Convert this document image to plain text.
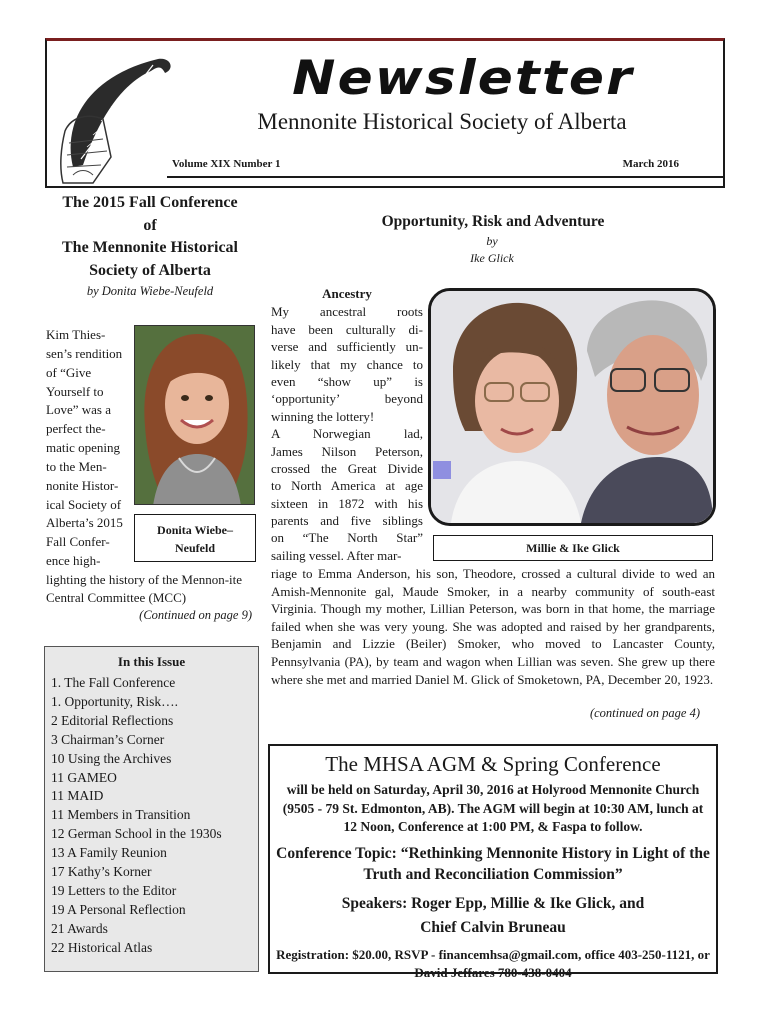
Newsletter
Mennonite Historical Society of Alberta
Volume XIX Number 1	March 2016
The 2015 Fall Conference
of
The Mennonite Historical
Society of Alberta
by Donita Wiebe-Neufeld
Donita Wiebe–
Neufeld
Kim Thies-
sen’s rendition
of “Give
Yourself to
Love” was a
perfect the-
matic opening
to the Men-
nonite Histor-
ical Society of
Alberta’s 2015
Fall Confer-
ence high-
lighting the history of the Mennon-ite Central Committee (MCC)
(Continued on page 9)
In this Issue
1. The Fall Conference
1. Opportunity, Risk….
2 Editorial Reflections
3 Chairman’s Corner
10 Using the Archives
11 GAMEO
11 MAID
11 Members in Transition
12 German School in the 1930s
13 A Family Reunion
17 Kathy’s Korner
19 Letters to the Editor
19 A Personal Reflection
21 Awards
22 Historical Atlas
Opportunity, Risk and Adventure
by
Ike Glick
Ancestry
My ancestral roots
have been culturally di-
verse and sufficiently un-
likely that my chance to
even “show up” is
‘opportunity’ beyond
winning the lottery!
A Norwegian lad,
James Nilson Peterson,
crossed the Great Divide
to North America at age
sixteen in 1872 with his
parents and five siblings
on “The North Star”
sailing vessel. After mar-
riage to Emma Anderson, his son, Theodore, crossed a cultural divide to wed an Amish-Mennonite gal, Maude Smoker, in a nearby community of south-east Virginia. Though my mother, Lillian Peterson, was born in that home, the marriage failed when she was very young. She was adopted and raised by her grandparents, Benjamin and Lizzie (Beiler) Smoker, who moved to Lancaster County, Pennsylvania (PA), by team and wagon when Lillian was seven. She grew up there where she met and married Daniel M. Glick of Smoketown, PA, December 20, 1923.
(continued on page 4)
Millie & Ike Glick
The MHSA AGM & Spring Conference
will be held on Saturday, April 30, 2016 at Holyrood Mennonite Church (9505 - 79 St. Edmonton, AB). The AGM will begin at 10:30 AM, lunch at 12 Noon, Conference at 1:00 PM, & Faspa to follow.
Conference Topic: “Rethinking Mennonite History in Light of the Truth and Reconciliation Commission”
Speakers: Roger Epp, Millie & Ike Glick, and
Chief Calvin Bruneau
Registration: $20.00, RSVP - financemhsa@gmail.com, office 403-250-1121, or David Jeffares 780-438-0404
